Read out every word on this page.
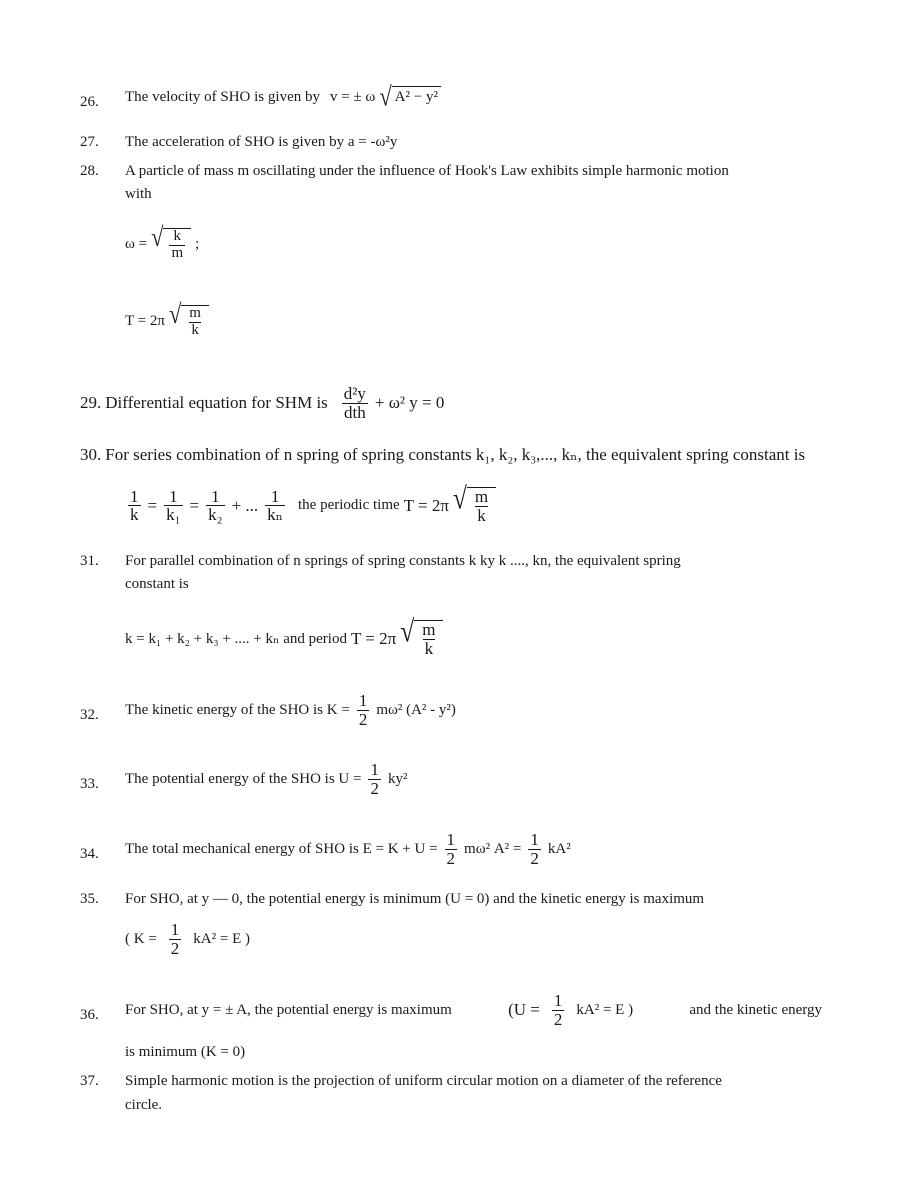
26. The velocity of SHO is given by v = ± ω √ A² − y²
27. The acceleration of SHO is given by a = -ω²y
28. A particle of mass m oscillating under the influence of Hook's Law exhibits simple harmonic motion
with
ω = √ $\frac{k}{m}$ ;
T = 2π √ $\frac{m}{k}$
29. Differential equation for SHM is $\frac{\text{d²y}}{\text{dth}} + \omega^2$ y = 0
30. For series combination of n spring of spring constants k₁, k₂, k₃,..., kₙ, the equivalent spring constant is
$\frac{1}{k} = \frac{1}{\text{k₁}} = \frac{1}{\text{k₂}}$ + ... $\frac{1}{\text{kₙ}}$ the periodic time T = 2π √ $\frac{m}{k}$
31. For parallel combination of n springs of spring constants k ky k ...., kn, the equivalent spring
constant is
k = k₁ + k₂ + k₃ + .... + kₙ and period T = 2π √ $\frac{m}{k}$
32. The kinetic energy of the SHO is $K = \frac{1}{2} m\omega^2$ (A² - y²)
33. The potential energy of the SHO is $U = \frac{1}{2} ky^2$
34. The total mechanical energy of SHO is $E = K + U = \frac{1}{2} m\omega^2$ $A^2 = \frac{1}{2} kA^2$
35. For SHO, at y — 0, the potential energy is minimum (U = 0) and the kinetic energy is maximum
( $K = \frac{1}{2} kA^2 = E$ )
36. For SHO, at y = ± A, the potential energy is maximum	($U = \frac{1}{2} kA^2 = E$ )	and the kinetic energy
is minimum (K = 0)
37. Simple harmonic motion is the projection of uniform circular motion on a diameter of the reference
circle.
